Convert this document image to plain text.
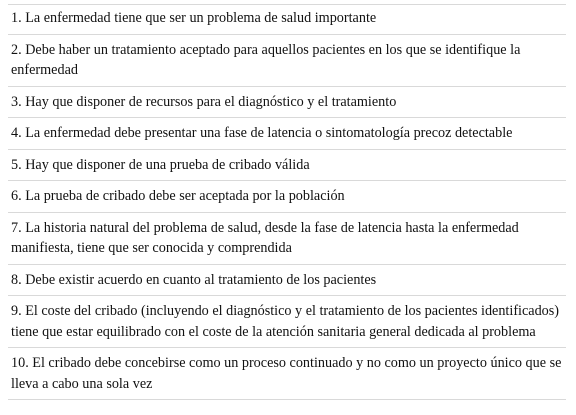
1. La enfermedad tiene que ser un problema de salud importante
2. Debe haber un tratamiento aceptado para aquellos pacientes en los que se identifique la enfermedad
3. Hay que disponer de recursos para el diagnóstico y el tratamiento
4. La enfermedad debe presentar una fase de latencia o sintomatología precoz detectable
5. Hay que disponer de una prueba de cribado válida
6. La prueba de cribado debe ser aceptada por la población
7. La historia natural del problema de salud, desde la fase de latencia hasta la enfermedad manifiesta, tiene que ser conocida y comprendida
8. Debe existir acuerdo en cuanto al tratamiento de los pacientes
9. El coste del cribado (incluyendo el diagnóstico y el tratamiento de los pacientes identificados) tiene que estar equilibrado con el coste de la atención sanitaria general dedicada al problema
10. El cribado debe concebirse como un proceso continuado y no como un proyecto único que se lleva a cabo una sola vez
